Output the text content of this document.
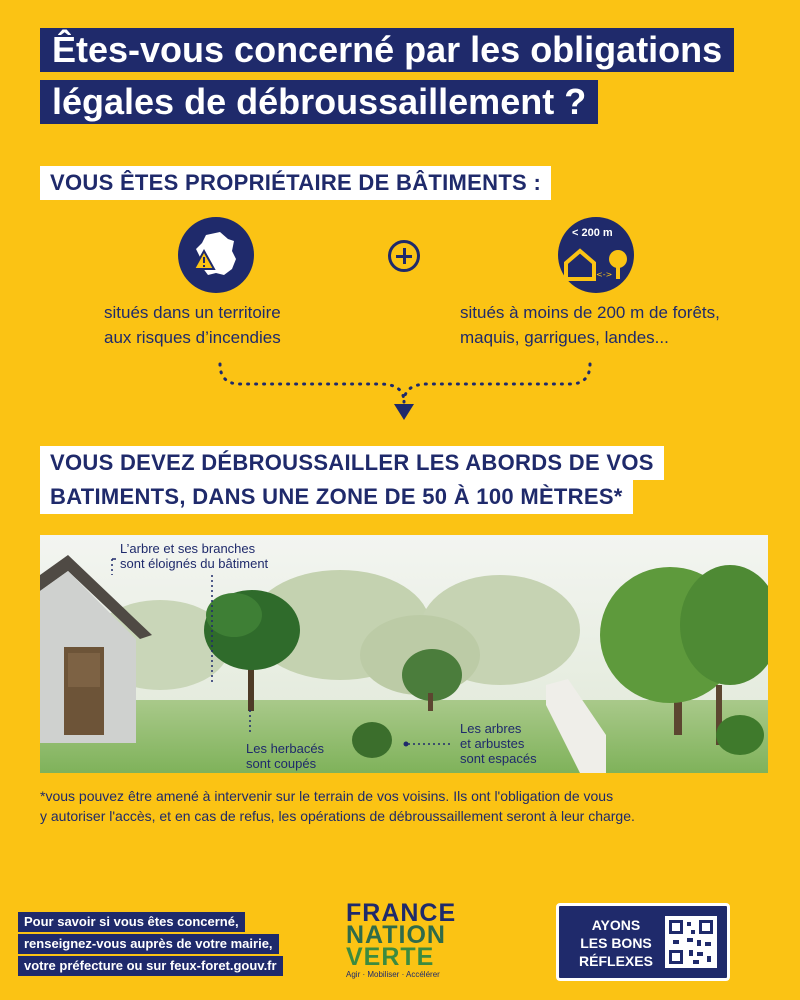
Êtes-vous concerné par les obligations
légales de débroussaillement ?
VOUS ÊTES PROPRIÉTAIRE DE BÂTIMENTS :
< 200 m
<->
situés dans un territoire
aux risques d’incendies
situés à moins de 200 m de forêts,
maquis, garrigues, landes...
VOUS DEVEZ DÉBROUSSAILLER LES ABORDS DE VOS
BATIMENTS, DANS UNE ZONE DE 50 À 100 MÈTRES*
L’arbre et ses branches
sont éloignés du bâtiment
Les herbacés
sont coupés
Les arbres
et arbustes
sont espacés
*vous pouvez être amené à intervenir sur le terrain de vos voisins. Ils ont l'obligation de vous
y autoriser l'accès, et en cas de refus, les opérations de débroussaillement seront à leur charge.
Pour savoir si vous êtes concerné,
renseignez-vous auprès de votre mairie,
votre préfecture ou sur feux-foret.gouv.fr
FRANCE
NATION
VERTE
Agir · Mobiliser · Accélérer
AYONS
LES BONS
RÉFLEXES
